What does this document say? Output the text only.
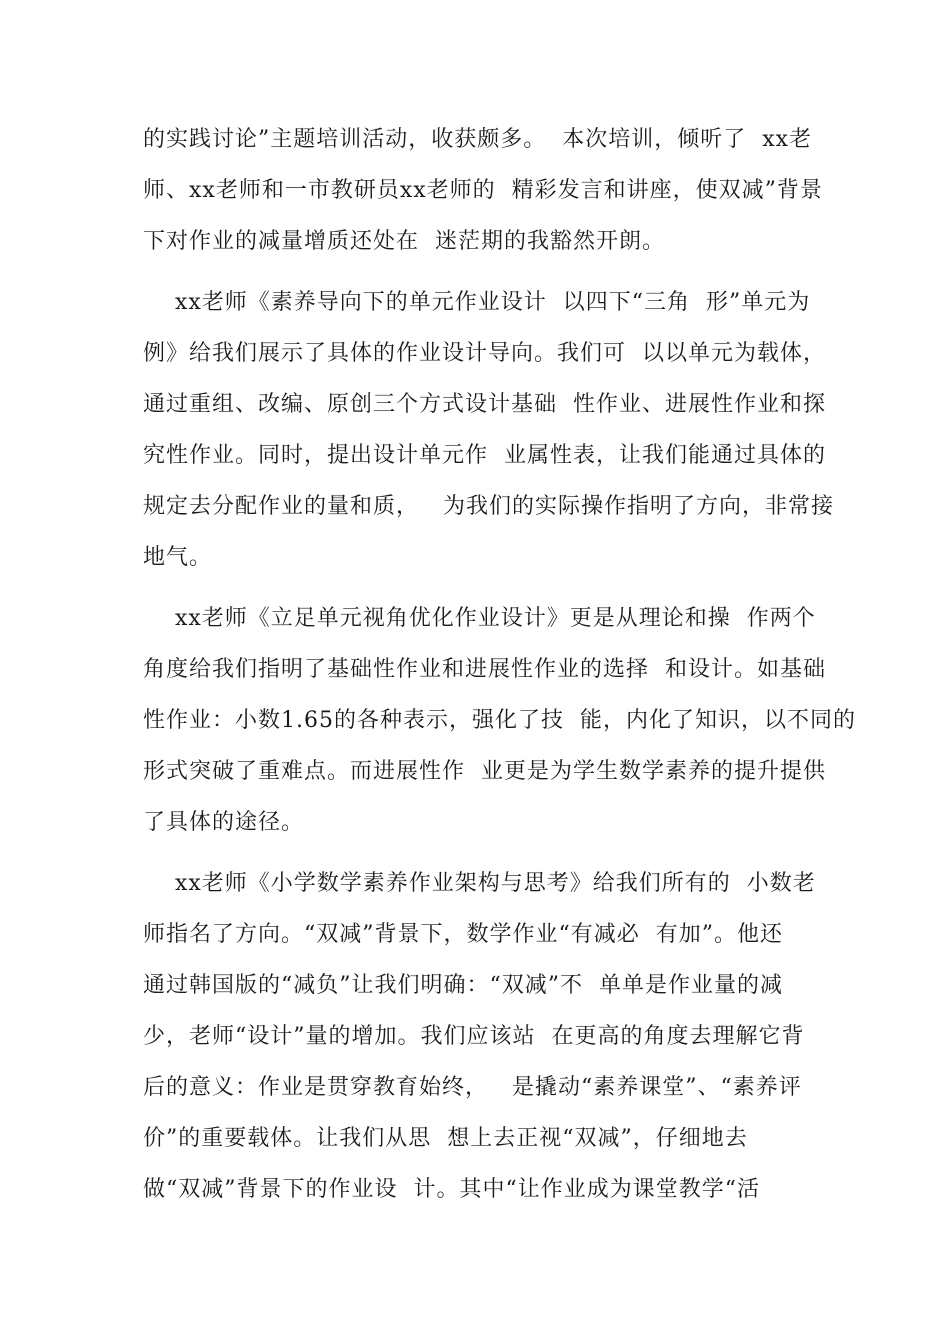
的实践讨论”主题培训活动，收获颇多。  本次培训，倾听了  xx老
师、xx老师和一市教研员xx老师的  精彩发言和讲座，使双减”背景
下对作业的减量增质还处在  迷茫期的我豁然开朗。
xx老师《素养导向下的单元作业设计  以四下“三角  形”单元为
例》给我们展示了具体的作业设计导向。我们可  以以单元为载体，
通过重组、改编、原创三个方式设计基础  性作业、进展性作业和探
究性作业。同时，提出设计单元作  业属性表，让我们能通过具体的
规定去分配作业的量和质，   为我们的实际操作指明了方向，非常接
地气。
xx老师《立足单元视角优化作业设计》更是从理论和操  作两个
角度给我们指明了基础性作业和进展性作业的选择  和设计。如基础
性作业：小数1.65的各种表示，强化了技  能，内化了知识，以不同的
形式突破了重难点。而进展性作  业更是为学生数学素养的提升提供
了具体的途径。
xx老师《小学数学素养作业架构与思考》给我们所有的  小数老
师指名了方向。“双减”背景下，数学作业“有减必  有加”。他还
通过韩国版的“减负”让我们明确：“双减”不  单单是作业量的减
少，老师“设计”量的增加。我们应该站  在更高的角度去理解它背
后的意义：作业是贯穿教育始终，   是撬动“素养课堂”、“素养评
价”的重要载体。让我们从思  想上去正视“双减”，仔细地去
做“双减”背景下的作业设  计。其中“让作业成为课堂教学“活
